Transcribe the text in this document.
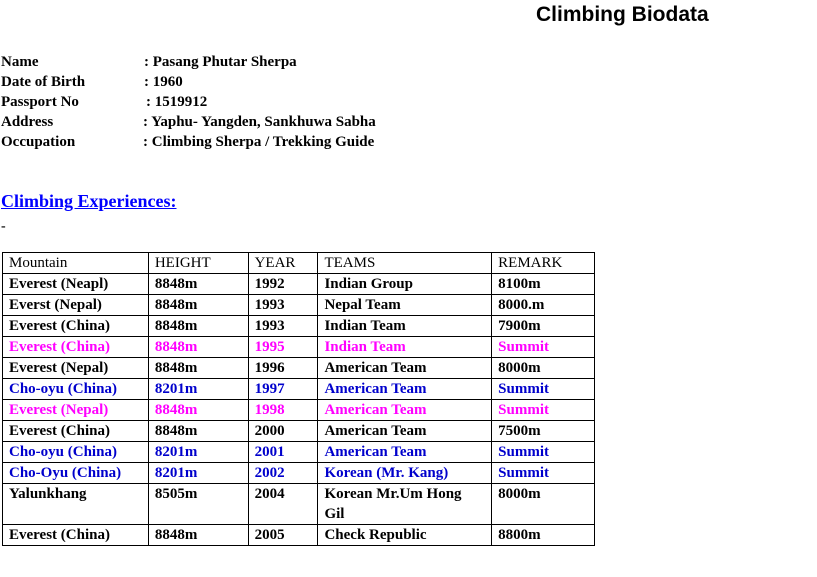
Climbing Biodata
Name	: Pasang Phutar Sherpa
Date of Birth	: 1960
Passport No	: 1519912
Address	: Yaphu- Yangden, Sankhuwa Sabha
Occupation	: Climbing Sherpa / Trekking Guide
Climbing Experiences:
-
Mountain	HEIGHT	YEAR	TEAMS	REMARK
Everest (Neapl)	8848m	1992	Indian Group	8100m
Everst (Nepal)	8848m	1993	Nepal Team	8000.m
Everest (China)	8848m	1993	Indian Team	7900m
Everest (China)	8848m	1995	Indian Team	Summit
Everest (Nepal)	8848m	1996	American Team	8000m
Cho-oyu (China)	8201m	1997	American Team	Summit
Everest (Nepal)	8848m	1998	American Team	Summit
Everest (China)	8848m	2000	American Team	7500m
Cho-oyu (China)	8201m	2001	American Team	Summit
Cho-Oyu (China)	8201m	2002	Korean (Mr. Kang)	Summit
Yalunkhang	8505m	2004	Korean Mr.Um Hong Gil	8000m
Everest (China)	8848m	2005	Check Republic	8800m
